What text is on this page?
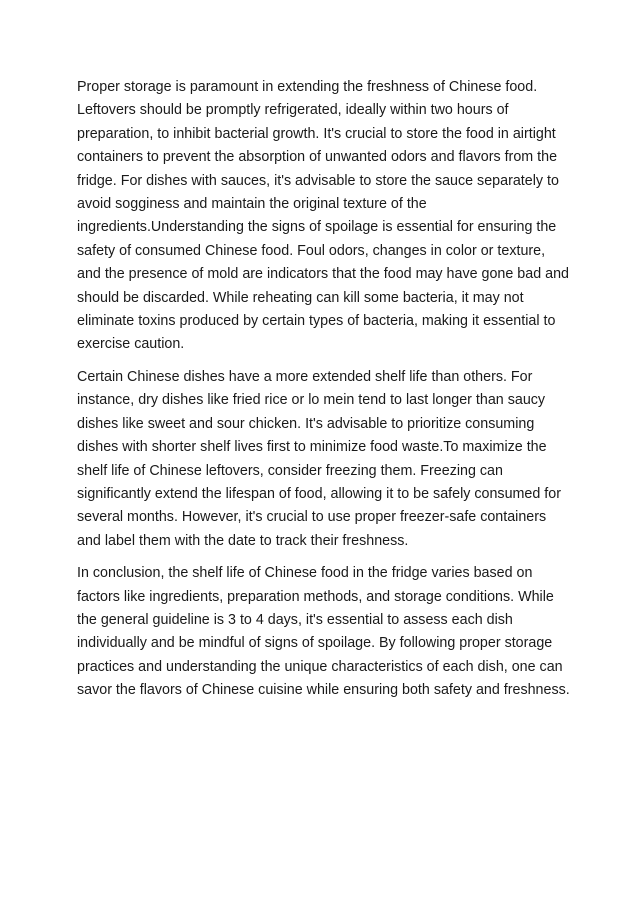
Proper storage is paramount in extending the freshness of Chinese food. Leftovers should be promptly refrigerated, ideally within two hours of preparation, to inhibit bacterial growth. It's crucial to store the food in airtight containers to prevent the absorption of unwanted odors and flavors from the fridge. For dishes with sauces, it's advisable to store the sauce separately to avoid sogginess and maintain the original texture of the ingredients.Understanding the signs of spoilage is essential for ensuring the safety of consumed Chinese food. Foul odors, changes in color or texture, and the presence of mold are indicators that the food may have gone bad and should be discarded. While reheating can kill some bacteria, it may not eliminate toxins produced by certain types of bacteria, making it essential to exercise caution.

Certain Chinese dishes have a more extended shelf life than others. For instance, dry dishes like fried rice or lo mein tend to last longer than saucy dishes like sweet and sour chicken. It's advisable to prioritize consuming dishes with shorter shelf lives first to minimize food waste.To maximize the shelf life of Chinese leftovers, consider freezing them. Freezing can significantly extend the lifespan of food, allowing it to be safely consumed for several months. However, it's crucial to use proper freezer-safe containers and label them with the date to track their freshness.

In conclusion, the shelf life of Chinese food in the fridge varies based on factors like ingredients, preparation methods, and storage conditions. While the general guideline is 3 to 4 days, it's essential to assess each dish individually and be mindful of signs of spoilage. By following proper storage practices and understanding the unique characteristics of each dish, one can savor the flavors of Chinese cuisine while ensuring both safety and freshness.
